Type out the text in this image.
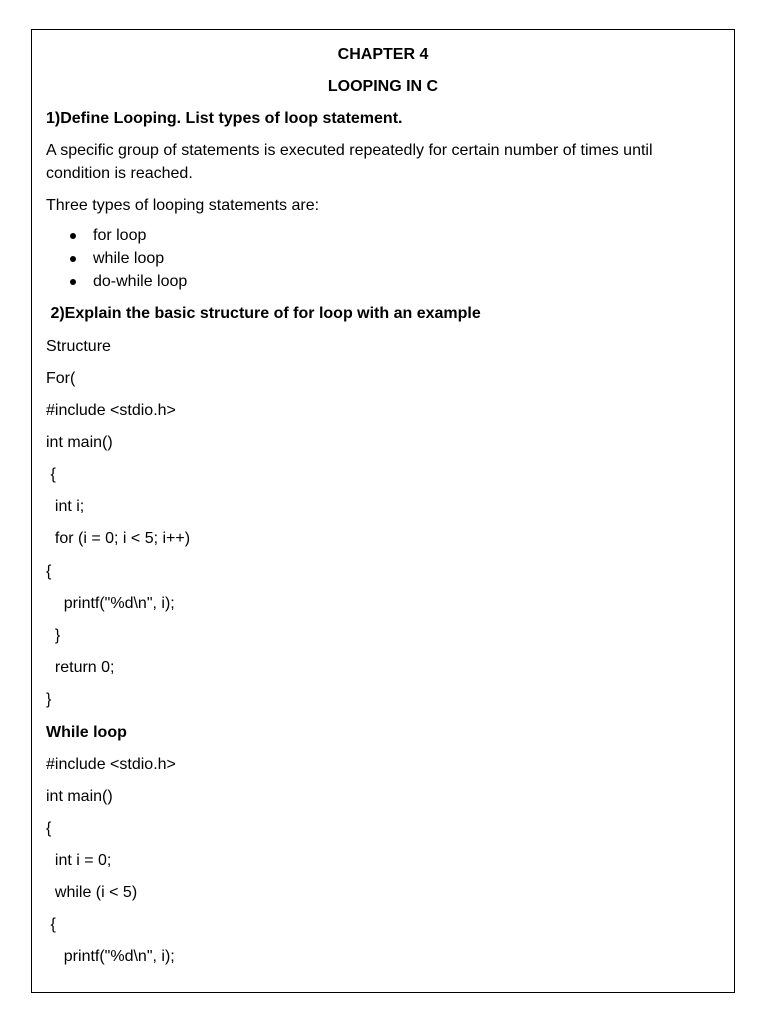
CHAPTER 4

LOOPING IN C

1)Define Looping. List types of loop statement.

A specific group of statements is executed repeatedly for certain number of times until condition is reached.

Three types of looping statements are:

for loop
while loop
do-while loop

2)Explain the basic structure of for loop with an example

Structure

For(

#include <stdio.h>

int main()

{

int i;

for (i = 0; i < 5; i++)

{

printf("%d\n", i);

}

return 0;

}

While loop

#include <stdio.h>

int main()

{

int i = 0;

while (i < 5)

{

printf("%d\n", i);
